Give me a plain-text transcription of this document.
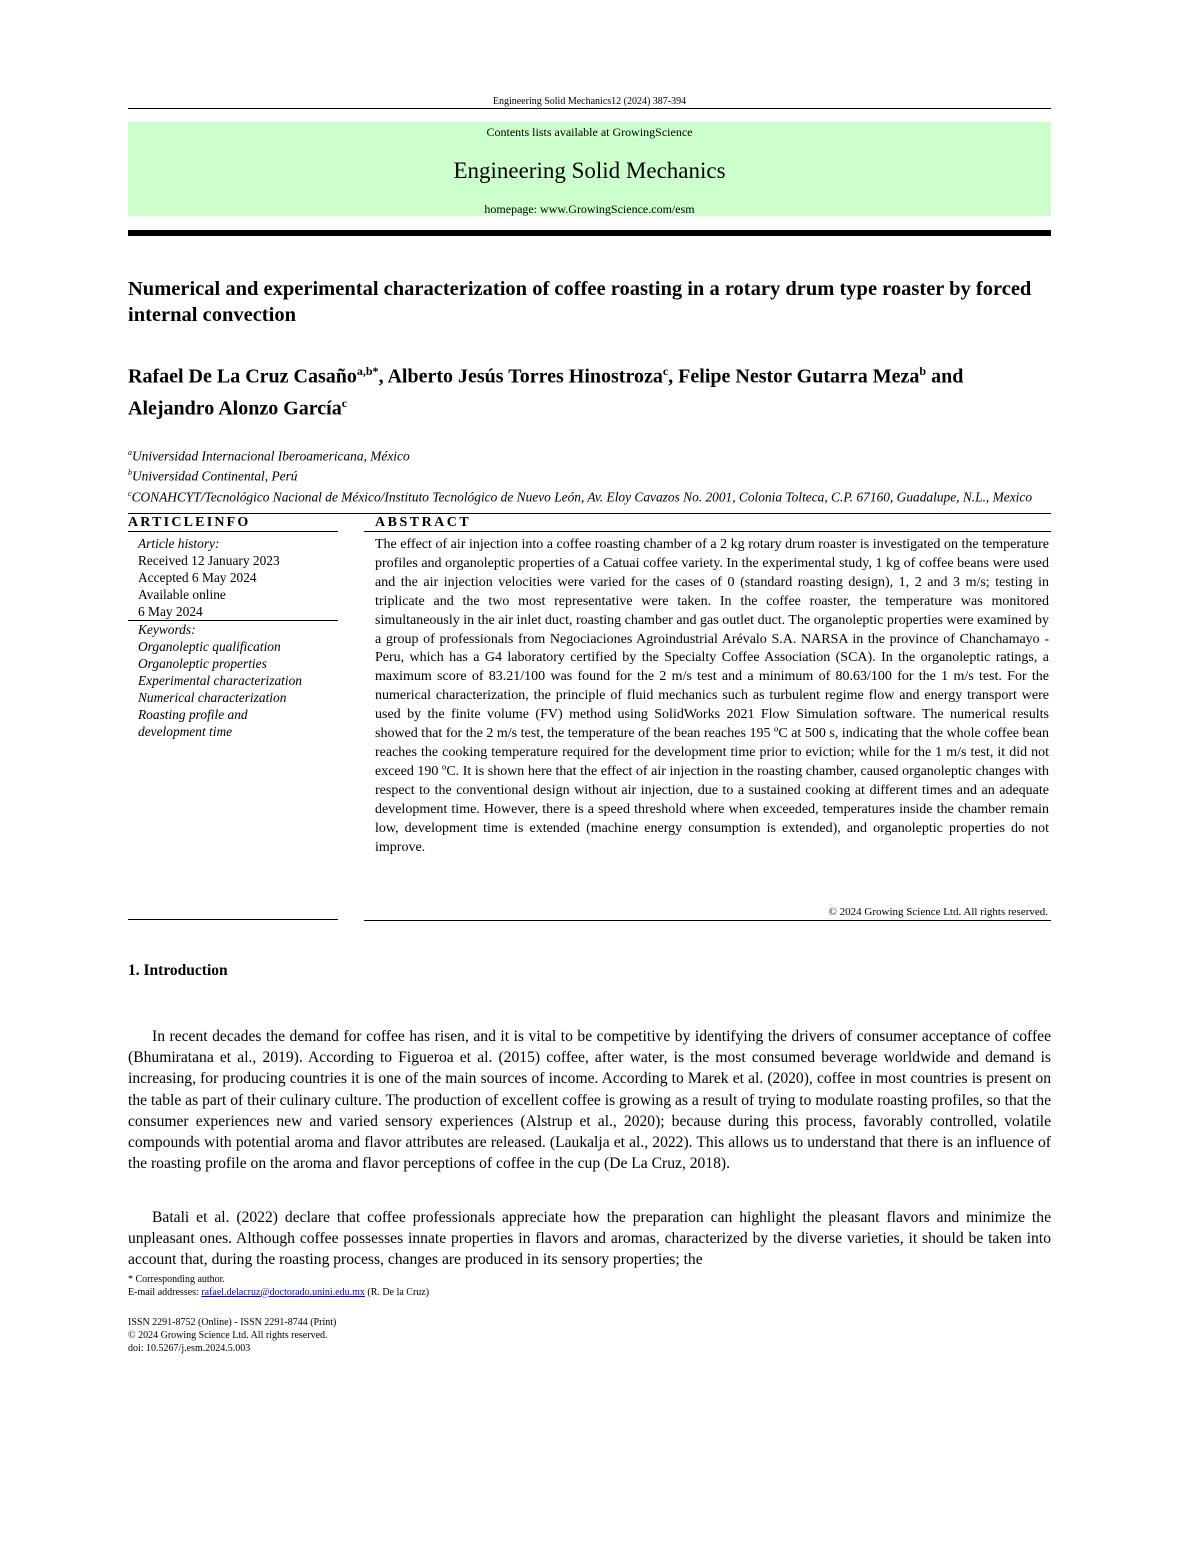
Engineering Solid Mechanics12 (2024) 387-394
Contents lists available at GrowingScience
Engineering Solid Mechanics
homepage: www.GrowingScience.com/esm
Numerical and experimental characterization of coffee roasting in a rotary drum type roaster by forced internal convection
Rafael De La Cruz Casaño$^{a,b*}$, Alberto Jesús Torres Hinostroza$^c$, Felipe Nestor Gutarra Meza$^b$ and Alejandro Alonzo García$^c$
$^a$Universidad Internacional Iberoamericana, México
$^b$Universidad Continental, Perú
$^c$CONAHCYT/Tecnológico Nacional de México/Instituto Tecnológico de Nuevo León, Av. Eloy Cavazos No. 2001, Colonia Tolteca, C.P. 67160, Guadalupe, N.L., Mexico
ARTICLEINFO
Article history:
Received 12 January 2023
Accepted 6 May 2024
Available online
6 May 2024
Keywords:
Organoleptic qualification
Organoleptic properties
Experimental characterization
Numerical characterization
Roasting profile and development time
ABSTRACT
The effect of air injection into a coffee roasting chamber of a 2 kg rotary drum roaster is investigated on the temperature profiles and organoleptic properties of a Catuai coffee variety. In the experimental study, 1 kg of coffee beans were used and the air injection velocities were varied for the cases of 0 (standard roasting design), 1, 2 and 3 m/s; testing in triplicate and the two most representative were taken. In the coffee roaster, the temperature was monitored simultaneously in the air inlet duct, roasting chamber and gas outlet duct. The organoleptic properties were examined by a group of professionals from Negociaciones Agroindustrial Arévalo S.A. NARSA in the province of Chanchamayo - Peru, which has a G4 laboratory certified by the Specialty Coffee Association (SCA). In the organoleptic ratings, a maximum score of 83.21/100 was found for the 2 m/s test and a minimum of 80.63/100 for the 1 m/s test. For the numerical characterization, the principle of fluid mechanics such as turbulent regime flow and energy transport were used by the finite volume (FV) method using SolidWorks 2021 Flow Simulation software. The numerical results showed that for the 2 m/s test, the temperature of the bean reaches 195 ºC at 500 s, indicating that the whole coffee bean reaches the cooking temperature required for the development time prior to eviction; while for the 1 m/s test, it did not exceed 190 ºC. It is shown here that the effect of air injection in the roasting chamber, caused organoleptic changes with respect to the conventional design without air injection, due to a sustained cooking at different times and an adequate development time. However, there is a speed threshold where when exceeded, temperatures inside the chamber remain low, development time is extended (machine energy consumption is extended), and organoleptic properties do not improve.
© 2024 Growing Science Ltd. All rights reserved.
1. Introduction
In recent decades the demand for coffee has risen, and it is vital to be competitive by identifying the drivers of consumer acceptance of coffee (Bhumiratana et al., 2019). According to Figueroa et al. (2015) coffee, after water, is the most consumed beverage worldwide and demand is increasing, for producing countries it is one of the main sources of income. According to Marek et al. (2020), coffee in most countries is present on the table as part of their culinary culture. The production of excellent coffee is growing as a result of trying to modulate roasting profiles, so that the consumer experiences new and varied sensory experiences (Alstrup et al., 2020); because during this process, favorably controlled, volatile compounds with potential aroma and flavor attributes are released. (Laukalja et al., 2022). This allows us to understand that there is an influence of the roasting profile on the aroma and flavor perceptions of coffee in the cup (De La Cruz, 2018).
Batali et al. (2022) declare that coffee professionals appreciate how the preparation can highlight the pleasant flavors and minimize the unpleasant ones. Although coffee possesses innate properties in flavors and aromas, characterized by the diverse varieties, it should be taken into account that, during the roasting process, changes are produced in its sensory properties; the
* Corresponding author.
E-mail addresses: rafael.delacruz@doctorado.unini.edu.mx (R. De la Cruz)
ISSN 2291-8752 (Online) - ISSN 2291-8744 (Print)
© 2024 Growing Science Ltd. All rights reserved.
doi: 10.5267/j.esm.2024.5.003
